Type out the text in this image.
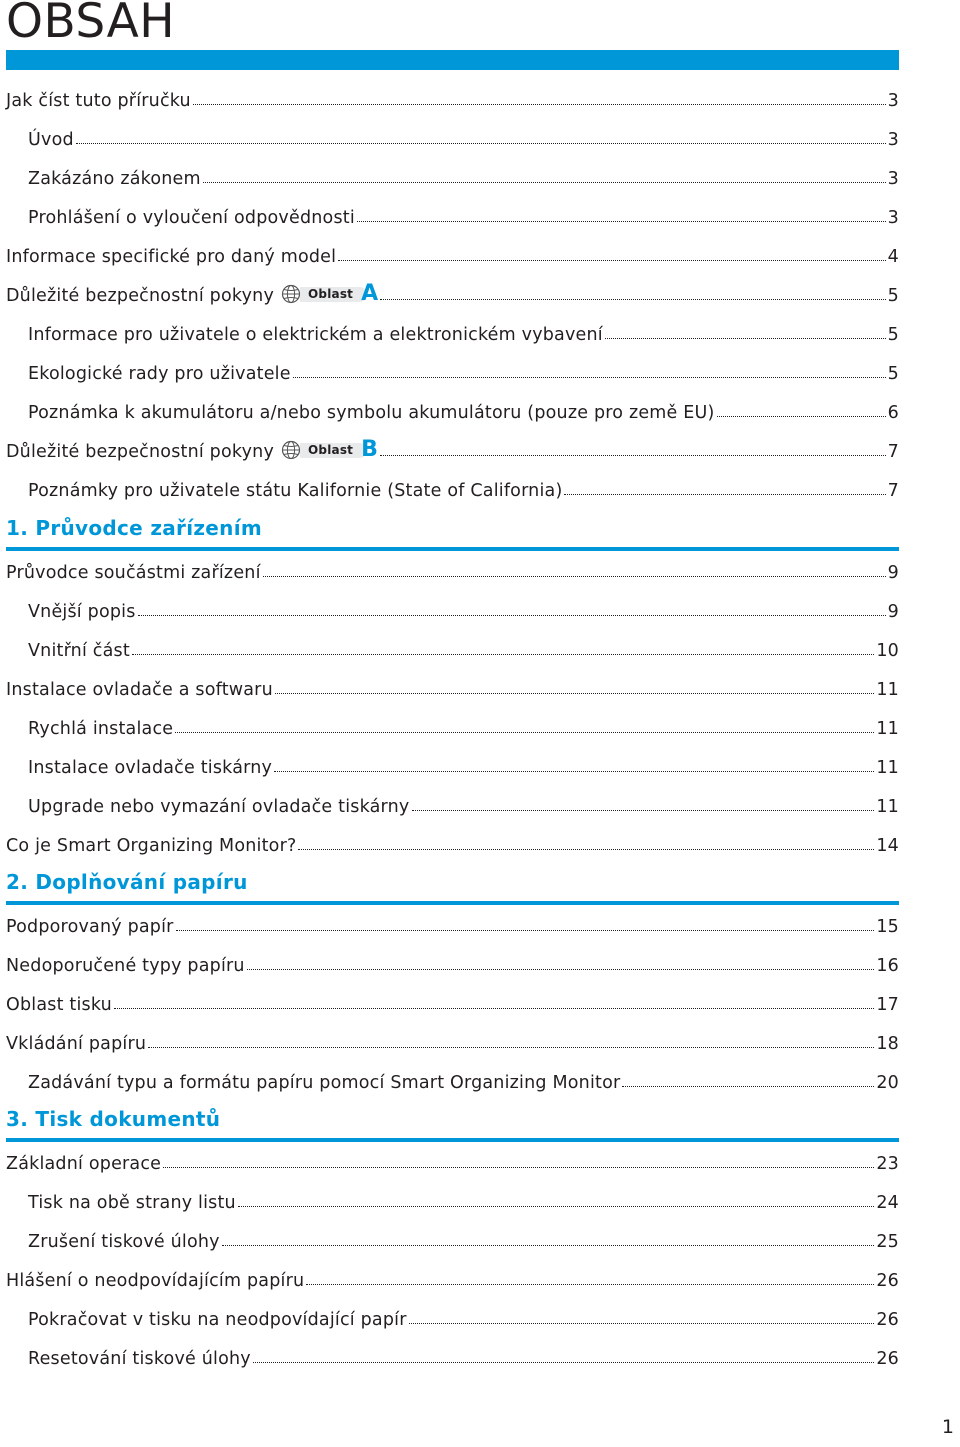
OBSAH
Jak číst tuto příručku	3
Úvod	3
Zakázáno zákonem	3
Prohlášení o vyloučení odpovědnosti	3
Informace specifické pro daný model	4
Důležité bezpečnostní pokyny	Oblast A	5
Informace pro uživatele o elektrickém a elektronickém vybavení	5
Ekologické rady pro uživatele	5
Poznámka k akumulátoru a/nebo symbolu akumulátoru (pouze pro země EU)	6
Důležité bezpečnostní pokyny	Oblast B	7
Poznámky pro uživatele státu Kalifornie (State of California)	7
1. Průvodce zařízením
Průvodce součástmi zařízení	9
Vnější popis	9
Vnitřní část	10
Instalace ovladače a softwaru	11
Rychlá instalace	11
Instalace ovladače tiskárny	11
Upgrade nebo vymazání ovladače tiskárny	11
Co je Smart Organizing Monitor?	14
2. Doplňování papíru
Podporovaný papír	15
Nedoporučené typy papíru	16
Oblast tisku	17
Vkládání papíru	18
Zadávání typu a formátu papíru pomocí Smart Organizing Monitor	20
3. Tisk dokumentů
Základní operace	23
Tisk na obě strany listu	24
Zrušení tiskové úlohy	25
Hlášení o neodpovídajícím papíru	26
Pokračovat v tisku na neodpovídající papír	26
Resetování tiskové úlohy	26
1
